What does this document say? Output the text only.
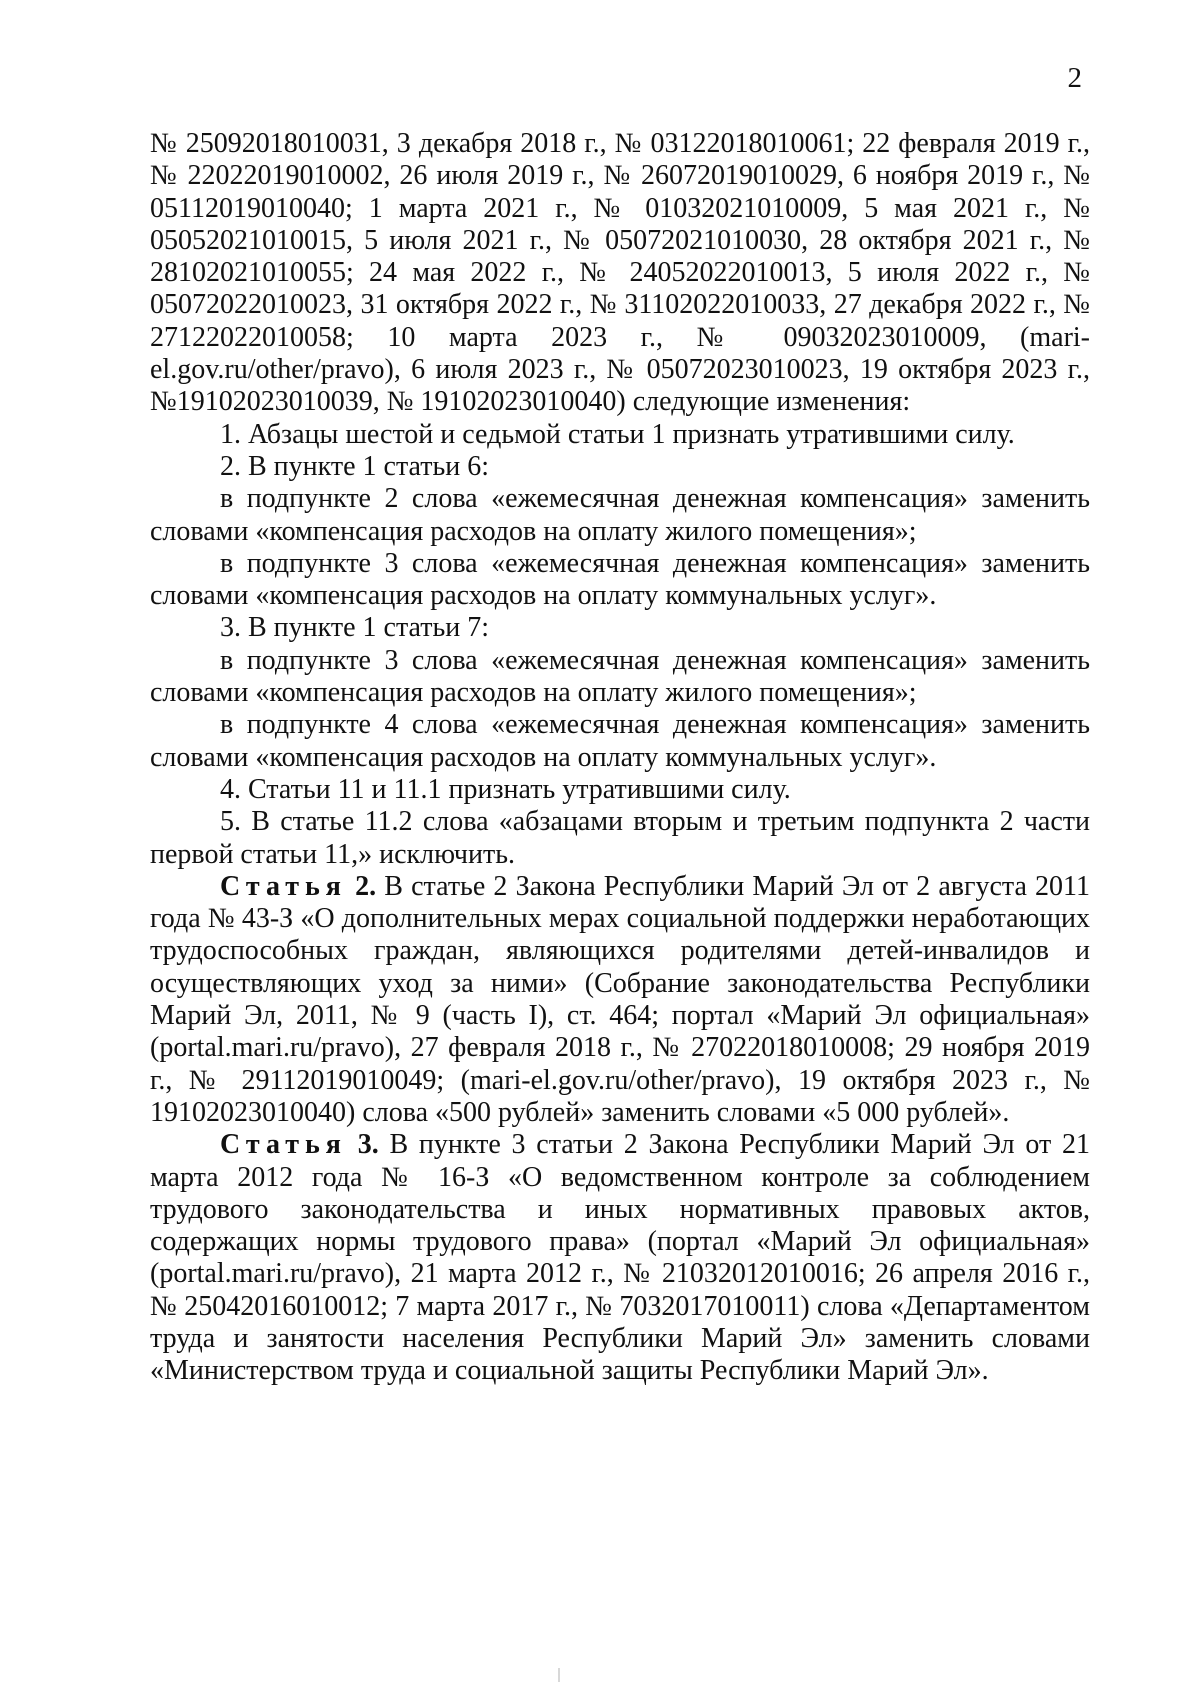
2

№ 25092018010031, 3 декабря 2018 г., № 03122018010061; 22 февраля 2019 г., № 22022019010002, 26 июля 2019 г., № 26072019010029, 6 ноября 2019 г., № 05112019010040; 1 марта 2021 г., № 01032021010009, 5 мая 2021 г., № 05052021010015, 5 июля 2021 г., № 05072021010030, 28 октября 2021 г., № 28102021010055; 24 мая 2022 г., № 24052022010013, 5 июля 2022 г., № 05072022010023, 31 октября 2022 г., № 31102022010033, 27 декабря 2022 г., № 27122022010058; 10 марта 2023 г., № 09032023010009, (mari-el.gov.ru/other/pravo), 6 июля 2023 г., № 05072023010023, 19 октября 2023 г., №19102023010039, № 19102023010040) следующие изменения:

1. Абзацы шестой и седьмой статьи 1 признать утратившими силу.

2. В пункте 1 статьи 6:

в подпункте 2 слова «ежемесячная денежная компенсация» заменить словами «компенсация расходов на оплату жилого помещения»;

в подпункте 3 слова «ежемесячная денежная компенсация» заменить словами «компенсация расходов на оплату коммунальных услуг».

3. В пункте 1 статьи 7:

в подпункте 3 слова «ежемесячная денежная компенсация» заменить словами «компенсация расходов на оплату жилого помещения»;

в подпункте 4 слова «ежемесячная денежная компенсация» заменить словами «компенсация расходов на оплату коммунальных услуг».

4. Статьи 11 и 11.1 признать утратившими силу.

5. В статье 11.2 слова «абзацами вторым и третьим подпункта 2 части первой статьи 11,» исключить.

Статья 2. В статье 2 Закона Республики Марий Эл от 2 августа 2011 года № 43-З «О дополнительных мерах социальной поддержки неработающих трудоспособных граждан, являющихся родителями детей-инвалидов и осуществляющих уход за ними» (Собрание законодательства Республики Марий Эл, 2011, № 9 (часть I), ст. 464; портал «Марий Эл официальная» (portal.mari.ru/pravo), 27 февраля 2018 г., № 27022018010008; 29 ноября 2019 г., № 29112019010049; (mari-el.gov.ru/other/pravo), 19 октября 2023 г., № 19102023010040) слова «500 рублей» заменить словами «5 000 рублей».

Статья 3. В пункте 3 статьи 2 Закона Республики Марий Эл от 21 марта 2012 года № 16-З «О ведомственном контроле за соблюдением трудового законодательства и иных нормативных правовых актов, содержащих нормы трудового права» (портал «Марий Эл официальная» (portal.mari.ru/pravo), 21 марта 2012 г., № 21032012010016; 26 апреля 2016 г., № 25042016010012; 7 марта 2017 г., № 7032017010011) слова «Департаментом труда и занятости населения Республики Марий Эл» заменить словами «Министерством труда и социальной защиты Республики Марий Эл».
